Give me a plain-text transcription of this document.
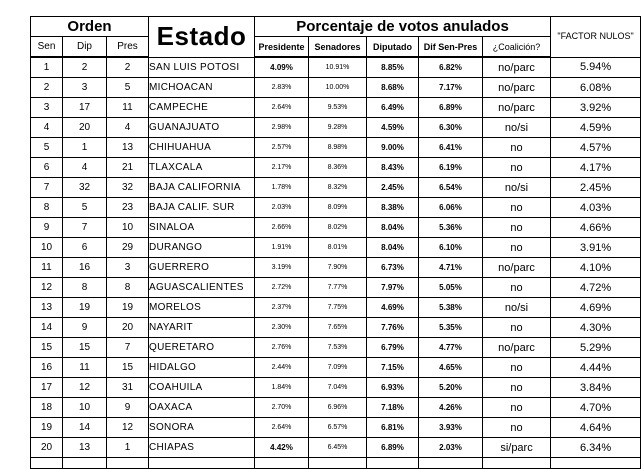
Orden			Estado	Porcentaje de votos anulados					"FACTOR NULOS"
Sen	Dip	Pres		Presidente	Senadores	Diputado	Dif Sen-Pres	¿Coalición?	
1	2	2	SAN LUIS POTOSI	4.09%	10.91%	8.85%	6.82%	no/parc	5.94%
2	3	5	MICHOACAN	2.83%	10.00%	8.68%	7.17%	no/parc	6.08%
3	17	11	CAMPECHE	2.64%	9.53%	6.49%	6.89%	no/parc	3.92%
4	20	4	GUANAJUATO	2.98%	9.28%	4.59%	6.30%	no/si	4.59%
5	1	13	CHIHUAHUA	2.57%	8.98%	9.00%	6.41%	no	4.57%
6	4	21	TLAXCALA	2.17%	8.36%	8.43%	6.19%	no	4.17%
7	32	32	BAJA CALIFORNIA	1.78%	8.32%	2.45%	6.54%	no/si	2.45%
8	5	23	BAJA CALIF. SUR	2.03%	8.09%	8.38%	6.06%	no	4.03%
9	7	10	SINALOA	2.66%	8.02%	8.04%	5.36%	no	4.66%
10	6	29	DURANGO	1.91%	8.01%	8.04%	6.10%	no	3.91%
11	16	3	GUERRERO	3.19%	7.90%	6.73%	4.71%	no/parc	4.10%
12	8	8	AGUASCALIENTES	2.72%	7.77%	7.97%	5.05%	no	4.72%
13	19	19	MORELOS	2.37%	7.75%	4.69%	5.38%	no/si	4.69%
14	9	20	NAYARIT	2.30%	7.65%	7.76%	5.35%	no	4.30%
15	15	7	QUERETARO	2.76%	7.53%	6.79%	4.77%	no/parc	5.29%
16	11	15	HIDALGO	2.44%	7.09%	7.15%	4.65%	no	4.44%
17	12	31	COAHUILA	1.84%	7.04%	6.93%	5.20%	no	3.84%
18	10	9	OAXACA	2.70%	6.96%	7.18%	4.26%	no	4.70%
19	14	12	SONORA	2.64%	6.57%	6.81%	3.93%	no	4.64%
20	13	1	CHIAPAS	4.42%	6.45%	6.89%	2.03%	si/parc	6.34%
